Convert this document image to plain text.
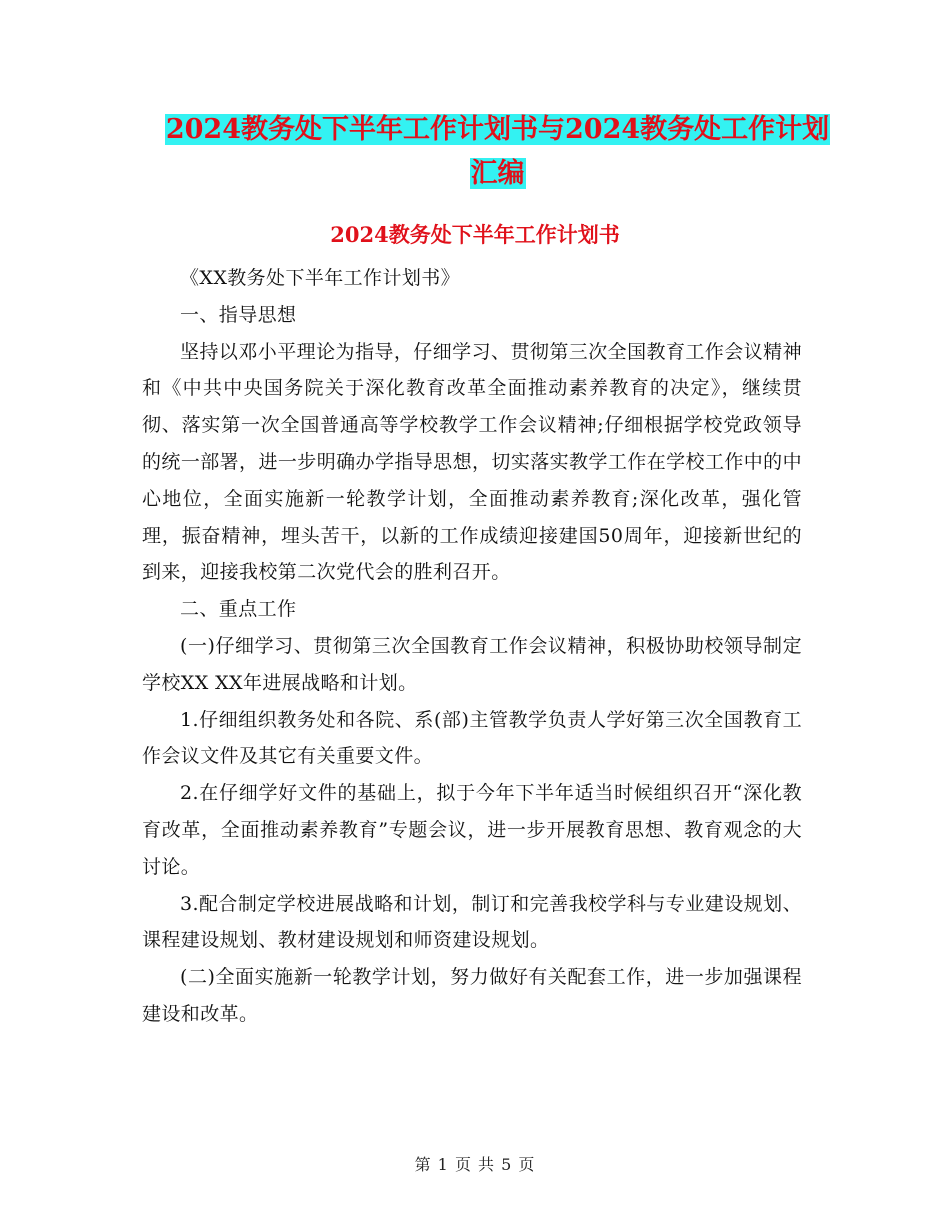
2024教务处下半年工作计划书与2024教务处工作计划
汇编
2024教务处下半年工作计划书

《XX教务处下半年工作计划书》

一、指导思想

坚持以邓小平理论为指导，仔细学习、贯彻第三次全国教育工作会议精神和《中共中央国务院关于深化教育改革全面推动素养教育的决定》，继续贯彻、落实第一次全国普通高等学校教学工作会议精神;仔细根据学校党政领导的统一部署，进一步明确办学指导思想，切实落实教学工作在学校工作中的中心地位，全面实施新一轮教学计划，全面推动素养教育;深化改革，强化管理，振奋精神，埋头苦干，以新的工作成绩迎接建国50周年，迎接新世纪的到来，迎接我校第二次党代会的胜利召开。

二、重点工作

(一)仔细学习、贯彻第三次全国教育工作会议精神，积极协助校领导制定学校XX XX年进展战略和计划。

1.仔细组织教务处和各院、系(部)主管教学负责人学好第三次全国教育工作会议文件及其它有关重要文件。

2.在仔细学好文件的基础上，拟于今年下半年适当时候组织召开“深化教育改革，全面推动素养教育”专题会议，进一步开展教育思想、教育观念的大讨论。

3.配合制定学校进展战略和计划，制订和完善我校学科与专业建设规划、课程建设规划、教材建设规划和师资建设规划。

(二)全面实施新一轮教学计划，努力做好有关配套工作，进一步加强课程建设和改革。

第 1 页 共 5 页
